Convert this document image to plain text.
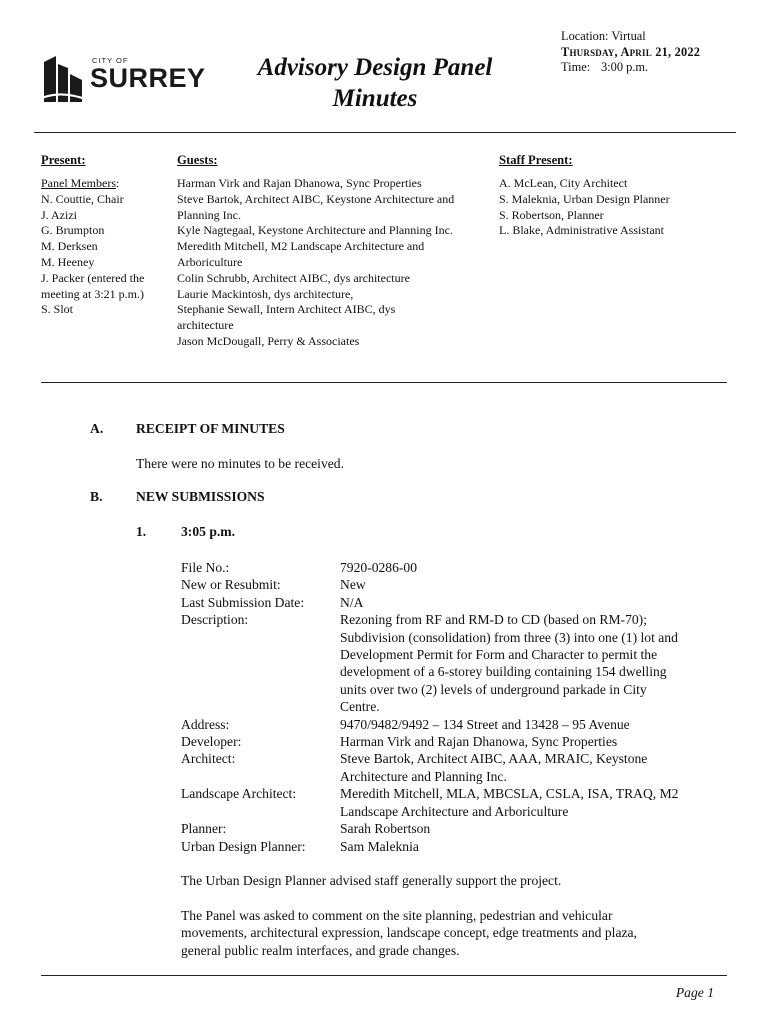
CITY OF
SURREY	Advisory Design Panel
Minutes
Location: Virtual
Thursday, April 21, 2022
Time: 3:00 p.m.
Present:	Guests:	Staff Present:
Panel Members:
N. Couttie, Chair
J. Azizi
G. Brumpton
M. Derksen
M. Heeney
J. Packer (entered the
meeting at 3:21 p.m.)
S. Slot
Harman Virk and Rajan Dhanowa, Sync Properties
Steve Bartok, Architect AIBC, Keystone Architecture and
Planning Inc.
Kyle Nagtegaal, Keystone Architecture and Planning Inc.
Meredith Mitchell, M2 Landscape Architecture and
Arboriculture
Colin Schrubb, Architect AIBC, dys architecture
Laurie Mackintosh, dys architecture,
Stephanie Sewall, Intern Architect AIBC, dys
architecture
Jason McDougall, Perry & Associates
A. McLean, City Architect
S. Maleknia, Urban Design Planner
S. Robertson, Planner
L. Blake, Administrative Assistant
A. RECEIPT OF MINUTES
There were no minutes to be received.
B. NEW SUBMISSIONS
1.	3:05 p.m.
File No.:	7920-0286-00
New or Resubmit:	New
Last Submission Date:	N/A
Description:	Rezoning from RF and RM-D to CD (based on RM-70); Subdivision (consolidation) from three (3) into one (1) lot and Development Permit for Form and Character to permit the development of a 6-storey building containing 154 dwelling units over two (2) levels of underground parkade in City Centre.
Address:	9470/9482/9492 – 134 Street and 13428 – 95 Avenue
Developer:	Harman Virk and Rajan Dhanowa, Sync Properties
Architect:	Steve Bartok, Architect AIBC, AAA, MRAIC, Keystone Architecture and Planning Inc.
Landscape Architect:	Meredith Mitchell, MLA, MBCSLA, CSLA, ISA, TRAQ, M2 Landscape Architecture and Arboriculture
Planner:	Sarah Robertson
Urban Design Planner:	Sam Maleknia
The Urban Design Planner advised staff generally support the project.
The Panel was asked to comment on the site planning, pedestrian and vehicular movements, architectural expression, landscape concept, edge treatments and plaza, general public realm interfaces, and grade changes.
Page 1
